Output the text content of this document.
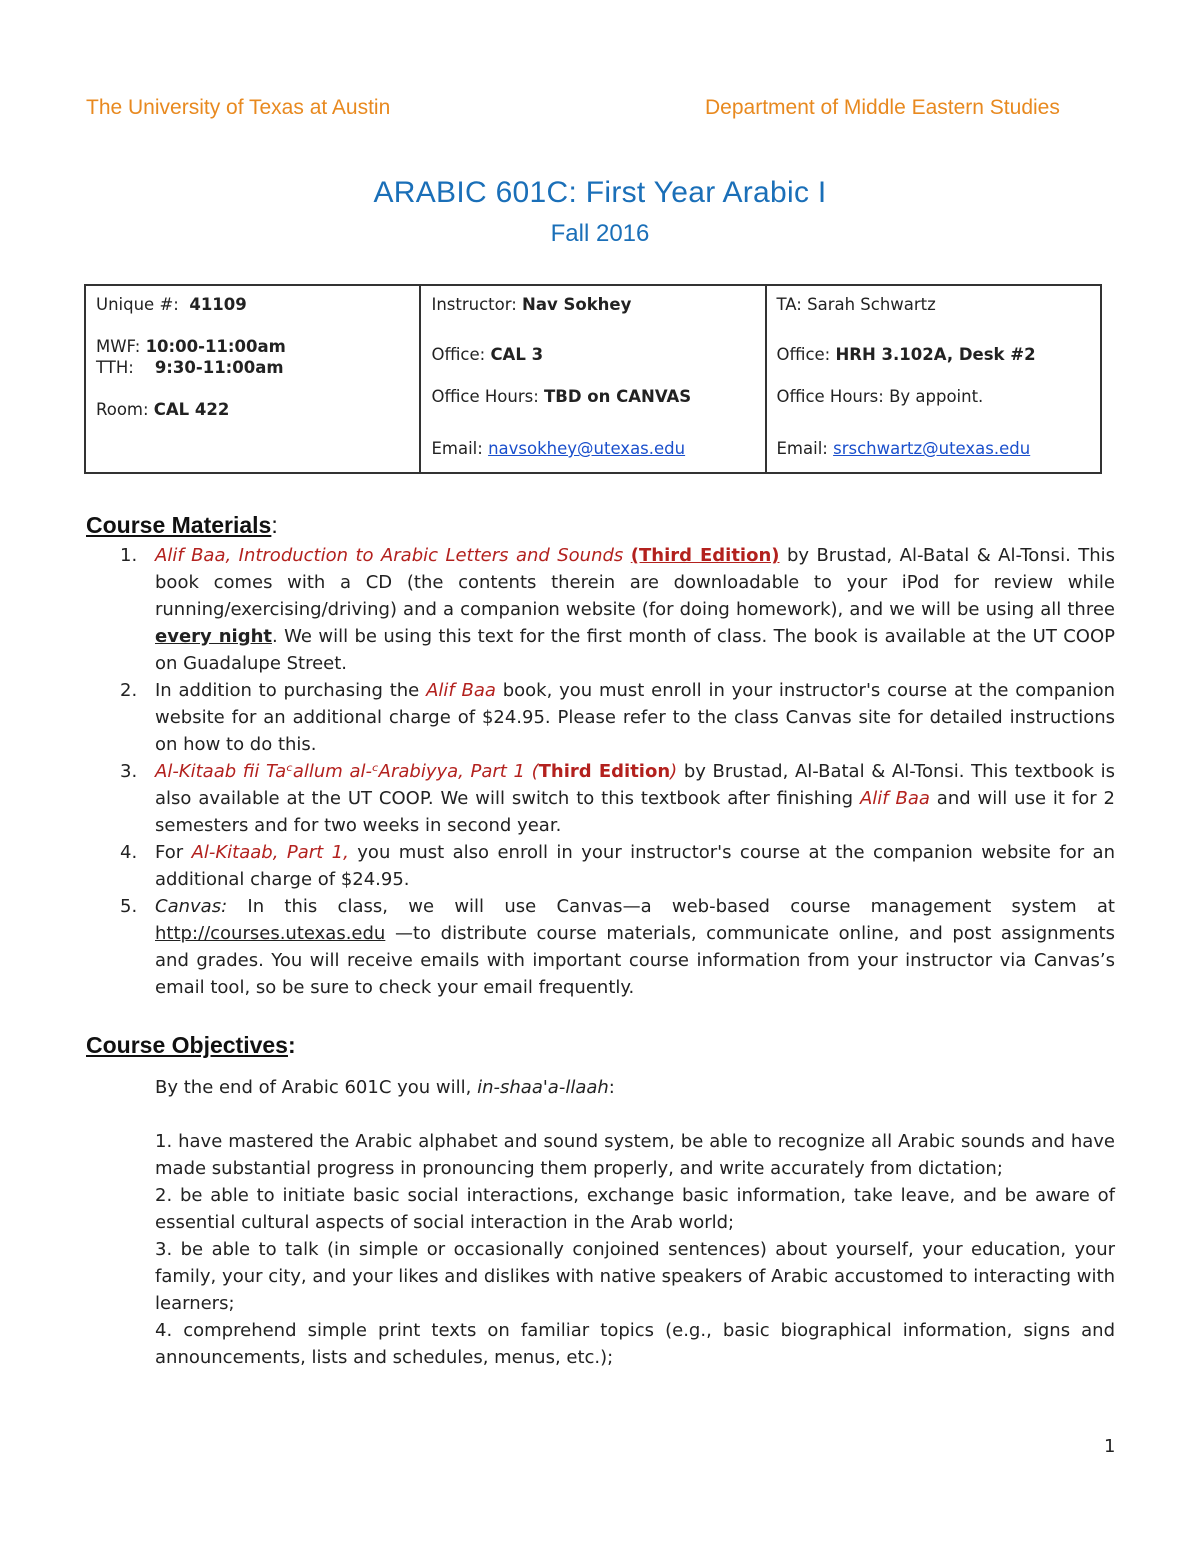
The University of Texas at Austin	Department of Middle Eastern Studies
ARABIC 601C: First Year Arabic I
Fall 2016
Unique #: 41109
MWF: 10:00-11:00am
TTH: 9:30-11:00am
Room: CAL 422

Instructor: Nav Sokhey
Office: CAL 3
Office Hours: TBD on CANVAS
Email: navsokhey@utexas.edu

TA: Sarah Schwartz
Office: HRH 3.102A, Desk #2
Office Hours: By appoint.
Email: srschwartz@utexas.edu
Course Materials:
1. Alif Baa, Introduction to Arabic Letters and Sounds (Third Edition) by Brustad, Al-Batal & Al-Tonsi. This book comes with a CD (the contents therein are downloadable to your iPod for review while running/exercising/driving) and a companion website (for doing homework), and we will be using all three every night. We will be using this text for the first month of class. The book is available at the UT COOP on Guadalupe Street.
2. In addition to purchasing the Alif Baa book, you must enroll in your instructor's course at the companion website for an additional charge of $24.95. Please refer to the class Canvas site for detailed instructions on how to do this.
3. Al-Kitaab fii Taᶜallum al-ᶜArabiyya, Part 1 (Third Edition) by Brustad, Al-Batal & Al-Tonsi. This textbook is also available at the UT COOP. We will switch to this textbook after finishing Alif Baa and will use it for 2 semesters and for two weeks in second year.
4. For Al-Kitaab, Part 1, you must also enroll in your instructor's course at the companion website for an additional charge of $24.95.
5. Canvas: In this class, we will use Canvas—a web-based course management system at http://courses.utexas.edu —to distribute course materials, communicate online, and post assignments and grades. You will receive emails with important course information from your instructor via Canvas’s email tool, so be sure to check your email frequently.
Course Objectives:
By the end of Arabic 601C you will, in-shaa'a-llaah:
1. have mastered the Arabic alphabet and sound system, be able to recognize all Arabic sounds and have made substantial progress in pronouncing them properly, and write accurately from dictation;
2. be able to initiate basic social interactions, exchange basic information, take leave, and be aware of essential cultural aspects of social interaction in the Arab world;
3. be able to talk (in simple or occasionally conjoined sentences) about yourself, your education, your family, your city, and your likes and dislikes with native speakers of Arabic accustomed to interacting with learners;
4. comprehend simple print texts on familiar topics (e.g., basic biographical information, signs and announcements, lists and schedules, menus, etc.);
1
